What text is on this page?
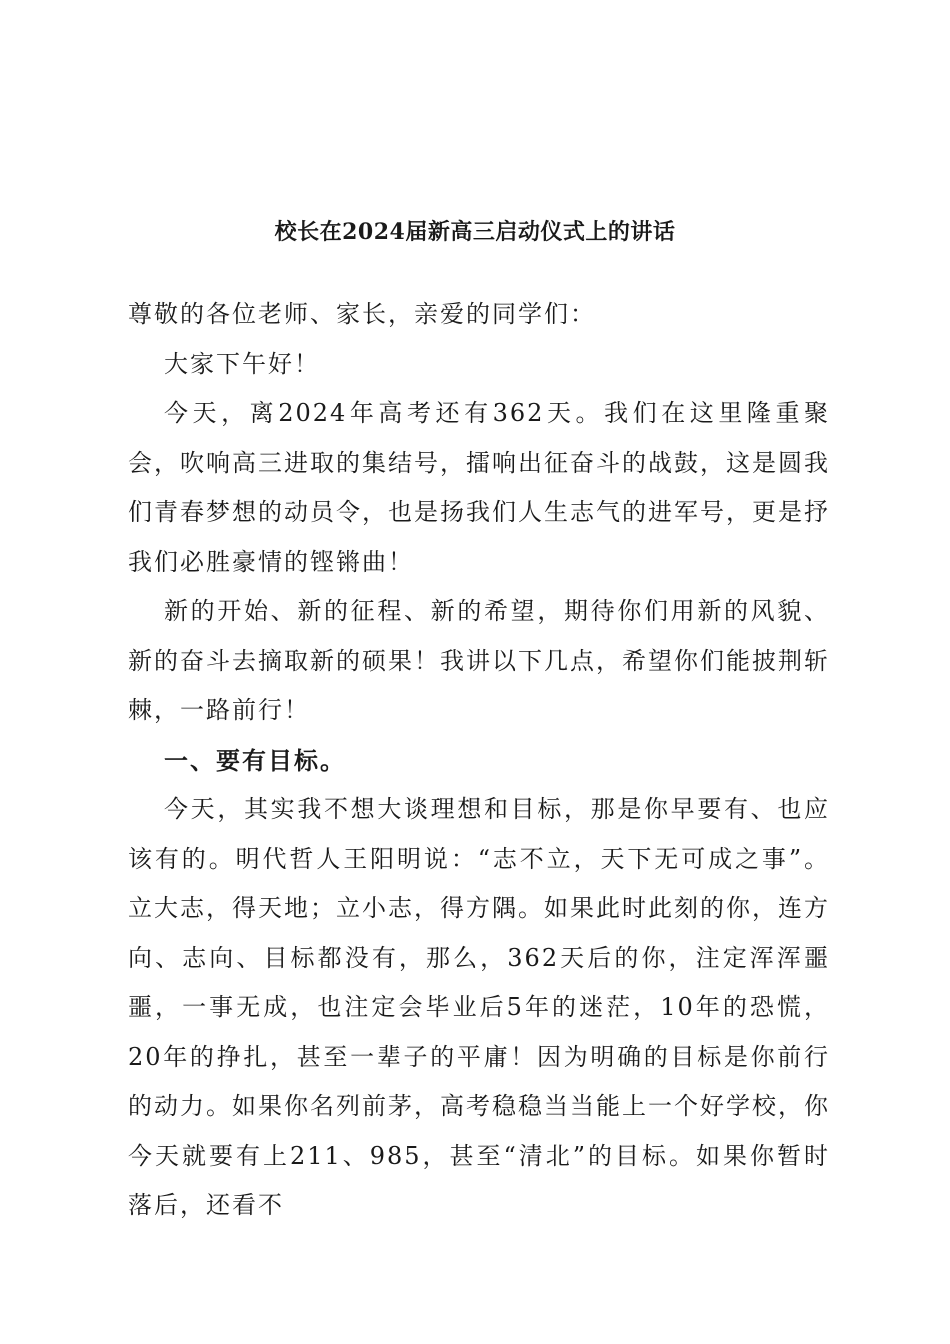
校长在2024届新高三启动仪式上的讲话

尊敬的各位老师、家长，亲爱的同学们：

大家下午好！

今天，离2024年高考还有362天。我们在这里隆重聚会，吹响高三进取的集结号，擂响出征奋斗的战鼓，这是圆我们青春梦想的动员令，也是扬我们人生志气的进军号，更是抒我们必胜豪情的铿锵曲！

新的开始、新的征程、新的希望，期待你们用新的风貌、新的奋斗去摘取新的硕果！我讲以下几点，希望你们能披荆斩棘，一路前行！

一、要有目标。

今天，其实我不想大谈理想和目标，那是你早要有、也应该有的。明代哲人王阳明说：“志不立，天下无可成之事”。立大志，得天地；立小志，得方隅。如果此时此刻的你，连方向、志向、目标都没有，那么，362天后的你，注定浑浑噩噩，一事无成，也注定会毕业后5年的迷茫，10年的恐慌，20年的挣扎，甚至一辈子的平庸！因为明确的目标是你前行的动力。如果你名列前茅，高考稳稳当当能上一个好学校，你今天就要有上211、985，甚至“清北”的目标。如果你暂时落后，还看不
